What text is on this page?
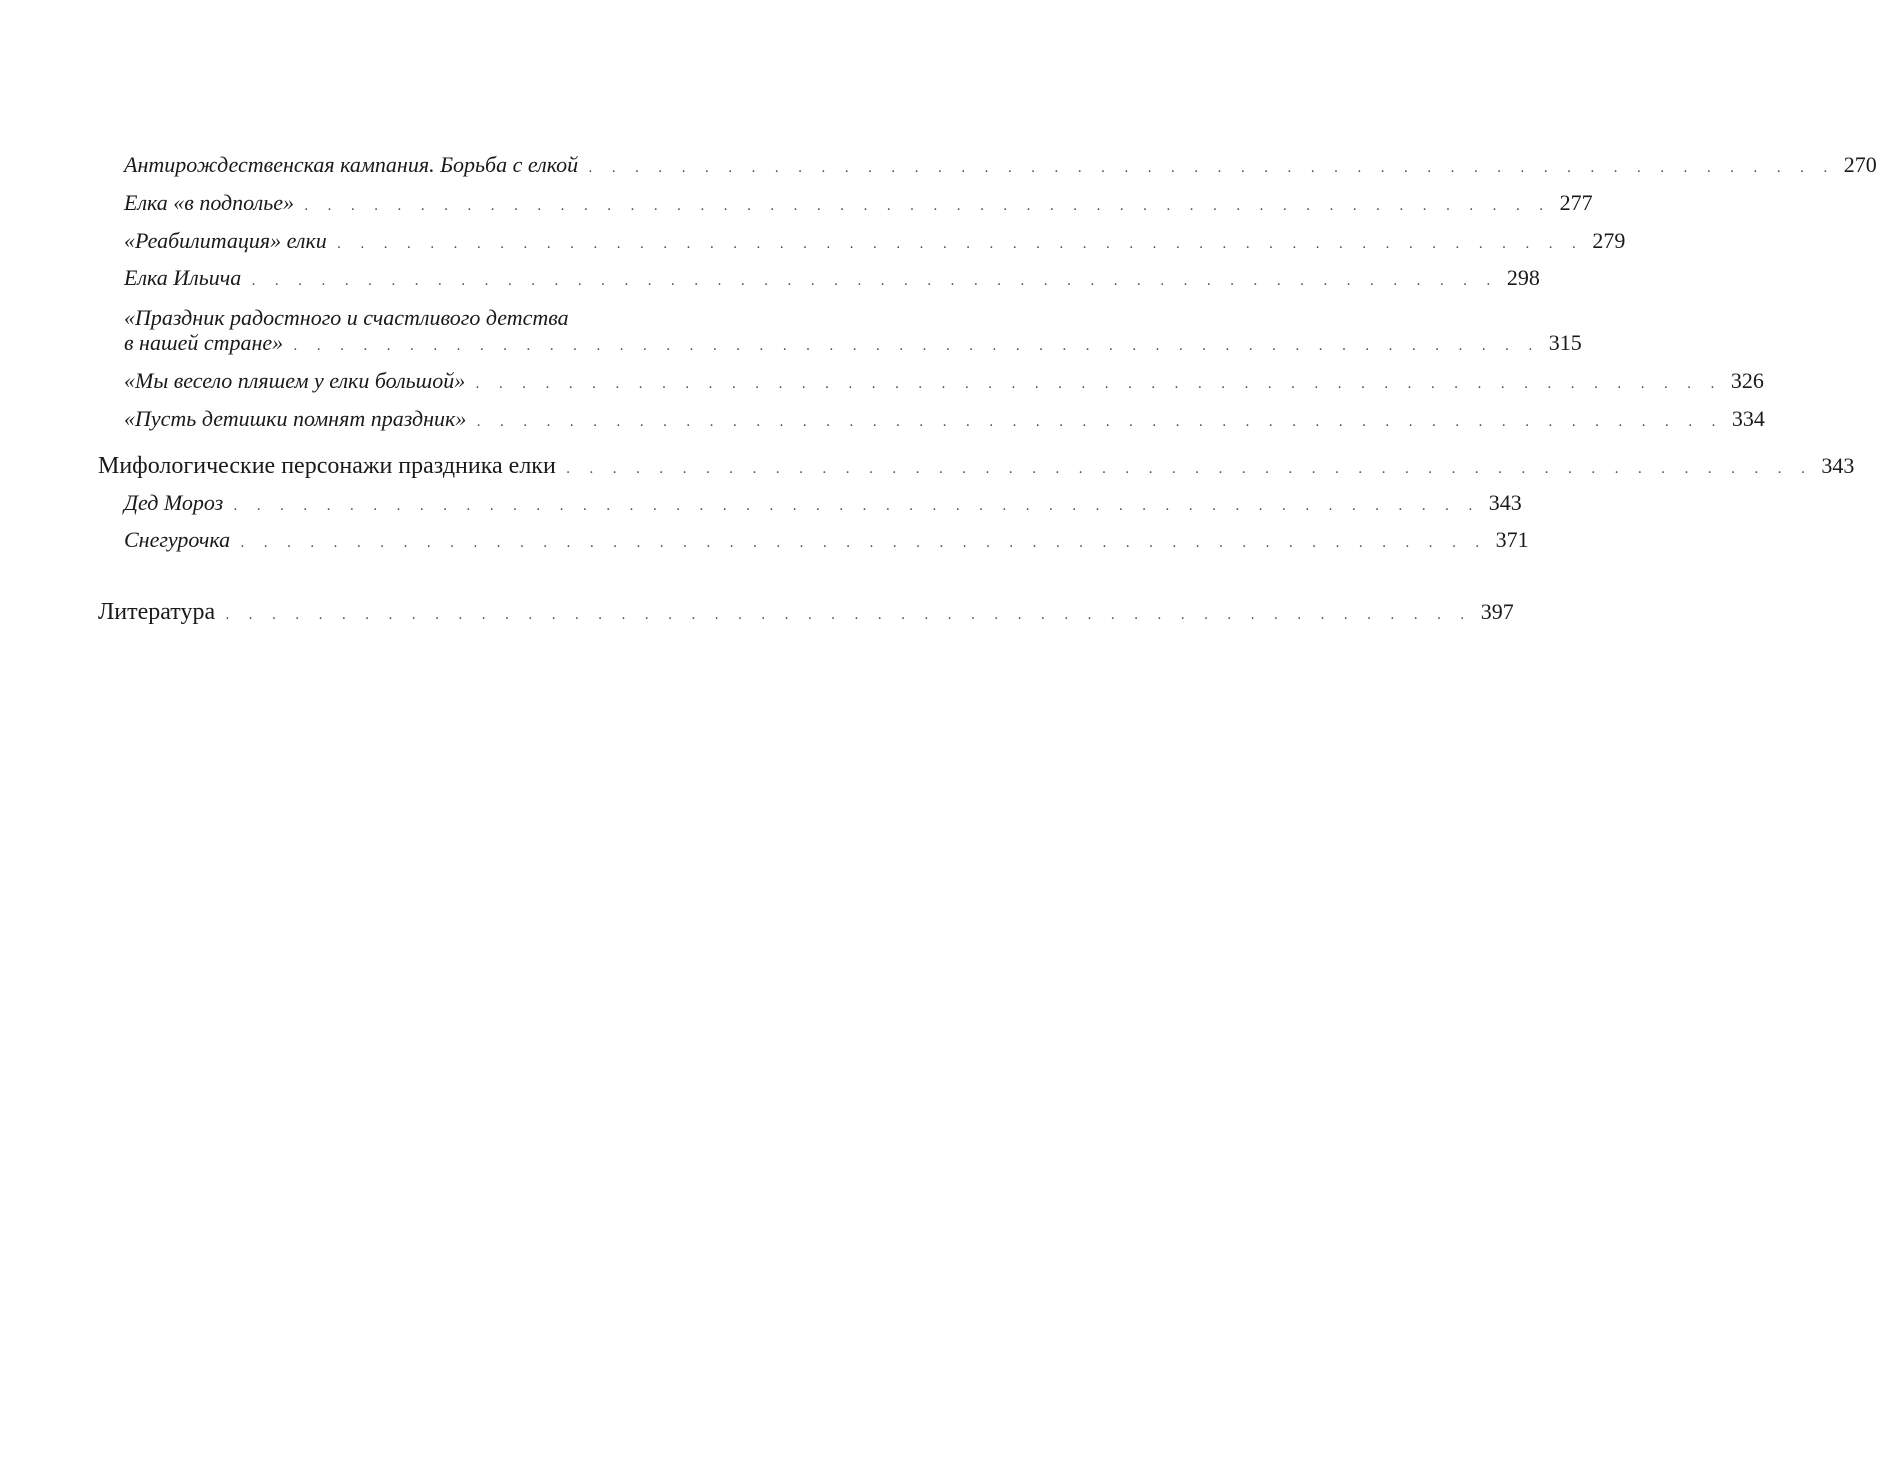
Антирождественская кампания. Борьба с елкой . . . . . . . . . . . . . . . . . . . . . . . . . . . . . . . . . . . . . . . . . . . . . . . . . . . . . . 270
Елка «в подполье» . . . . . . . . . . . . . . . . . . . . . . . . . . . . . . . . . . . . . . . . . . . . . . . . . . . . . . 277
«Реабилитация» елки . . . . . . . . . . . . . . . . . . . . . . . . . . . . . . . . . . . . . . . . . . . . . . . . . . . . . . 279
Елка Ильича . . . . . . . . . . . . . . . . . . . . . . . . . . . . . . . . . . . . . . . . . . . . . . . . . . . . . . 298
«Праздник радостного и счастливого детства
в нашей стране» . . . . . . . . . . . . . . . . . . . . . . . . . . . . . . . . . . . . . . . . . . . . . . . . . . . . . . 315
«Мы весело пляшем у елки большой» . . . . . . . . . . . . . . . . . . . . . . . . . . . . . . . . . . . . . . . . . . . . . . . . . . . . . . 326
«Пусть детишки помнят праздник» . . . . . . . . . . . . . . . . . . . . . . . . . . . . . . . . . . . . . . . . . . . . . . . . . . . . . . 334
Мифологические персонажи праздника елки . . . . . . . . . . . . . . . . . . . . . . . . . . . . . . . . . . . . . . . . . . . . . . . . . . . . . . 343
Дед Мороз . . . . . . . . . . . . . . . . . . . . . . . . . . . . . . . . . . . . . . . . . . . . . . . . . . . . . . 343
Снегурочка . . . . . . . . . . . . . . . . . . . . . . . . . . . . . . . . . . . . . . . . . . . . . . . . . . . . . . 371
Литература . . . . . . . . . . . . . . . . . . . . . . . . . . . . . . . . . . . . . . . . . . . . . . . . . . . . . . 397
